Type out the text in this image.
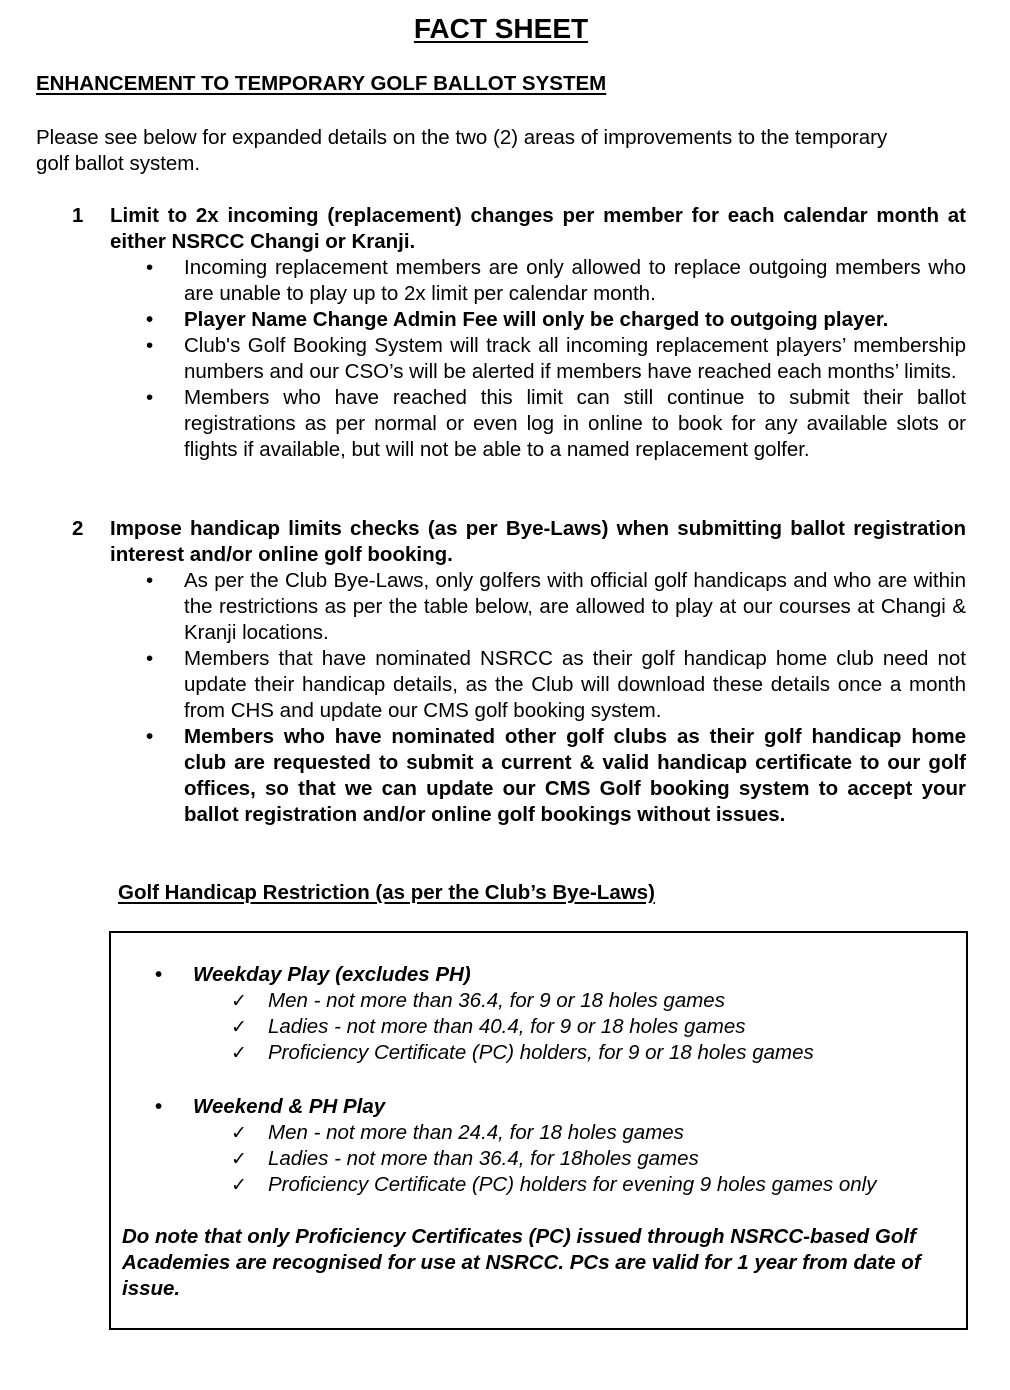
FACT SHEET
ENHANCEMENT TO TEMPORARY GOLF BALLOT SYSTEM
Please see below for expanded details on the two (2) areas of improvements to the temporary golf ballot system.
1 Limit to 2x incoming (replacement) changes per member for each calendar month at either NSRCC Changi or Kranji.
• Incoming replacement members are only allowed to replace outgoing members who are unable to play up to 2x limit per calendar month.
• Player Name Change Admin Fee will only be charged to outgoing player.
• Club's Golf Booking System will track all incoming replacement players’ membership numbers and our CSO’s will be alerted if members have reached each months’ limits.
• Members who have reached this limit can still continue to submit their ballot registrations as per normal or even log in online to book for any available slots or flights if available, but will not be able to a named replacement golfer.
2 Impose handicap limits checks (as per Bye-Laws) when submitting ballot registration interest and/or online golf booking.
• As per the Club Bye-Laws, only golfers with official golf handicaps and who are within the restrictions as per the table below, are allowed to play at our courses at Changi & Kranji locations.
• Members that have nominated NSRCC as their golf handicap home club need not update their handicap details, as the Club will download these details once a month from CHS and update our CMS golf booking system.
• Members who have nominated other golf clubs as their golf handicap home club are requested to submit a current & valid handicap certificate to our golf offices, so that we can update our CMS Golf booking system to accept your ballot registration and/or online golf bookings without issues.
Golf Handicap Restriction (as per the Club’s Bye-Laws)
• Weekday Play (excludes PH)
✓ Men - not more than 36.4, for 9 or 18 holes games
✓ Ladies - not more than 40.4, for 9 or 18 holes games
✓ Proficiency Certificate (PC) holders, for 9 or 18 holes games
• Weekend & PH Play
✓ Men - not more than 24.4, for 18 holes games
✓ Ladies - not more than 36.4, for 18holes games
✓ Proficiency Certificate (PC) holders for evening 9 holes games only
Do note that only Proficiency Certificates (PC) issued through NSRCC-based Golf Academies are recognised for use at NSRCC. PCs are valid for 1 year from date of issue.
